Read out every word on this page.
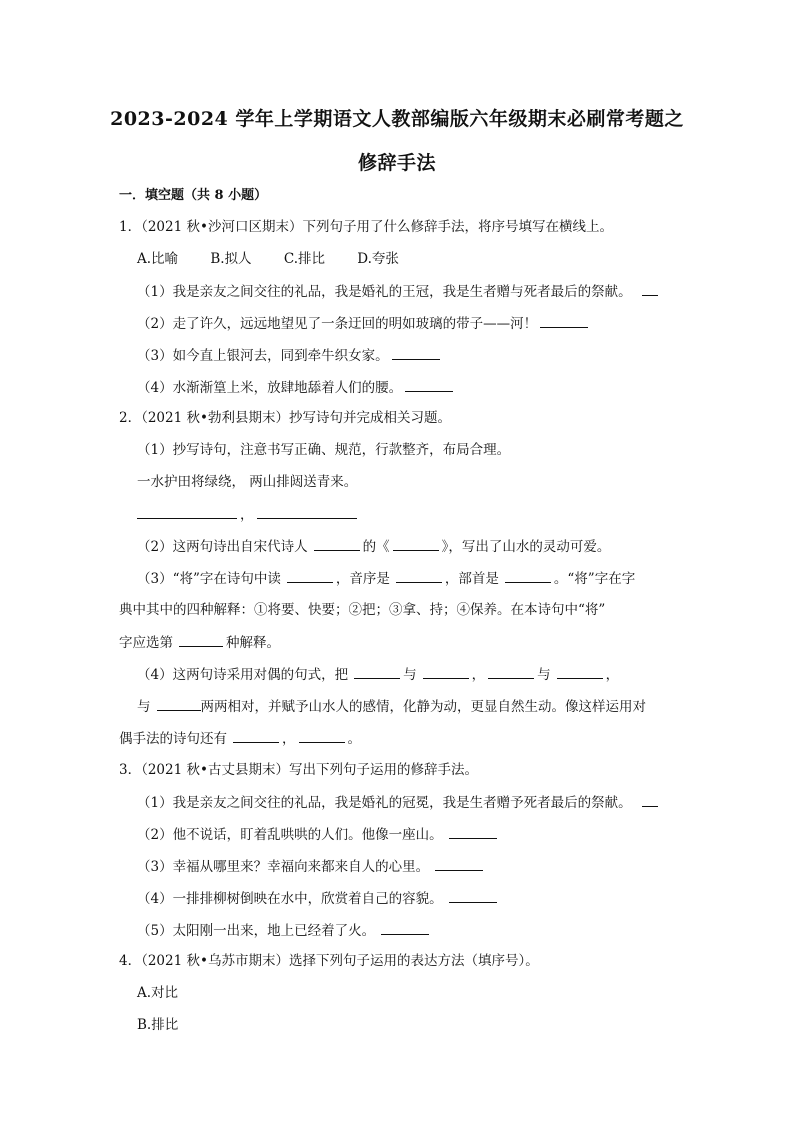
2023-2024 学年上学期语文人教部编版六年级期末必刷常考题之
修辞手法
一．填空题（共 8 小题）
1．（2021 秋•沙河口区期末）下列句子用了什么修辞手法，将序号填写在横线上。
A.比喻 B.拟人 C.排比 D.夸张
（1）我是亲友之间交往的礼品，我是婚礼的王冠，我是生者赠与死者最后的祭献。
（2）走了许久，远远地望见了一条迂回的明如玻璃的带子——河！
（3）如今直上银河去，同到牵牛织女家。
（4）水渐渐篁上米，放肆地舔着人们的腰。
2．（2021 秋•勃利县期末）抄写诗句并完成相关习题。
（1）抄写诗句，注意书写正确、规范，行款整齐，布局合理。
一水护田将绿绕， 两山排闼送青来。
，
（2）这两句诗出自宋代诗人	的《	》，写出了山水的灵动可爱。
（3）“将”字在诗句中读	，音序是	，部首是	。“将”字在字
典中其中的四种解释：①将要、快要；②把；③拿、持；④保养。在本诗句中“将”
字应选第	种解释。
（4）这两句诗采用对偶的句式，把	与	，	与	，
与	两两相对，并赋予山水人的感情，化静为动，更显自然生动。像这样运用对
偶手法的诗句还有	，	。
3．（2021 秋•古丈县期末）写出下列句子运用的修辞手法。
（1）我是亲友之间交往的礼品，我是婚礼的冠冕，我是生者赠予死者最后的祭献。
（2）他不说话，盯着乱哄哄的人们。他像一座山。
（3）幸福从哪里来？幸福向来都来自人的心里。
（4）一排排柳树倒映在水中，欣赏着自己的容貌。
（5）太阳刚一出来，地上已经着了火。
4．（2021 秋•乌苏市期末）选择下列句子运用的表达方法（填序号）。
A.对比
B.排比
